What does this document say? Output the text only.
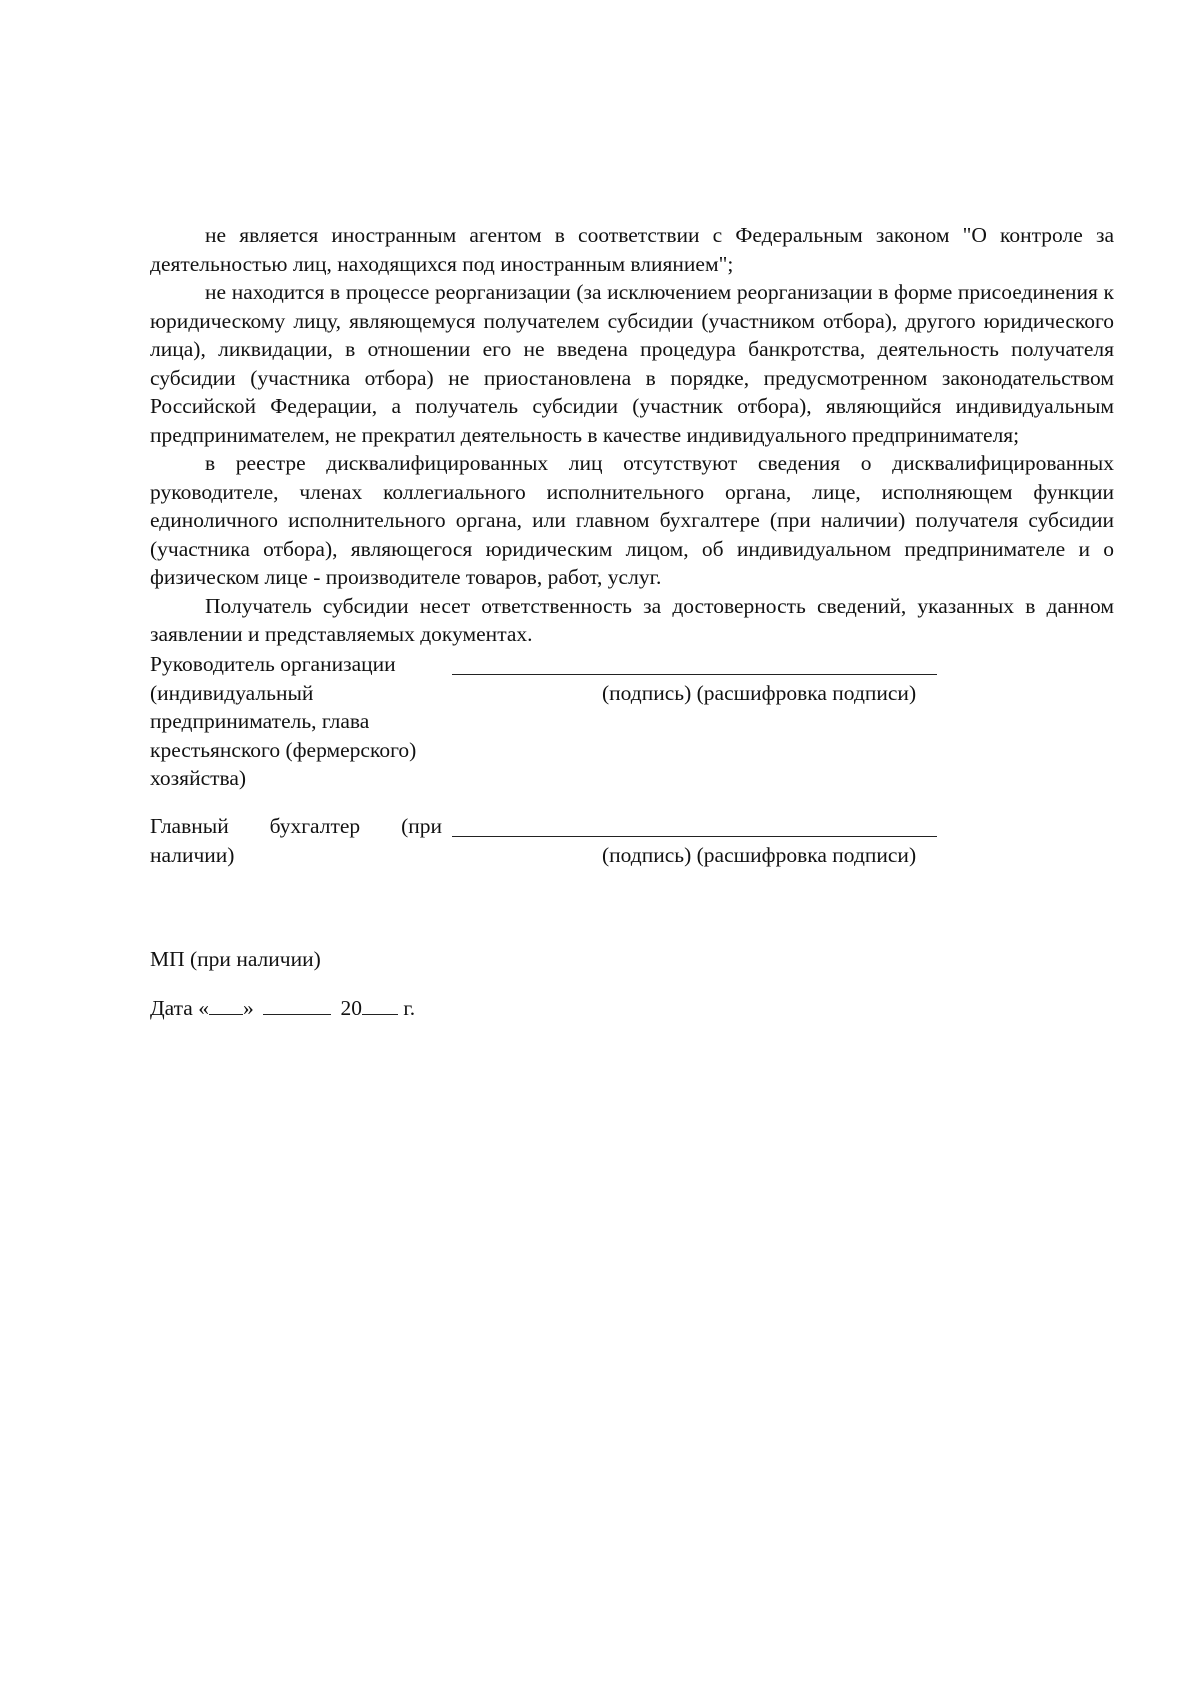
не является иностранным агентом в соответствии с Федеральным законом "О контроле за деятельностью лиц, находящихся под иностранным влиянием";

не находится в процессе реорганизации (за исключением реорганизации в форме присоединения к юридическому лицу, являющемуся получателем субсидии (участником отбора), другого юридического лица), ликвидации, в отношении его не введена процедура банкротства, деятельность получателя субсидии (участника отбора) не приостановлена в порядке, предусмотренном законодательством Российской Федерации, а получатель субсидии (участник отбора), являющийся индивидуальным предпринимателем, не прекратил деятельность в качестве индивидуального предпринимателя;

в реестре дисквалифицированных лиц отсутствуют сведения о дисквалифицированных руководителе, членах коллегиального исполнительного органа, лице, исполняющем функции единоличного исполнительного органа, или главном бухгалтере (при наличии) получателя субсидии (участника отбора), являющегося юридическим лицом, об индивидуальном предпринимателе и о физическом лице - производителе товаров, работ, услуг.

Получатель субсидии несет ответственность за достоверность сведений, указанных в данном заявлении и представляемых документах.

Руководитель организации (индивидуальный предприниматель, глава крестьянского (фермерского) хозяйства)
(подпись) (расшифровка подписи)
Главный бухгалтер (при наличии)	(подпись) (расшифровка подписи)
МП (при наличии)
Дата « »	20 г.
